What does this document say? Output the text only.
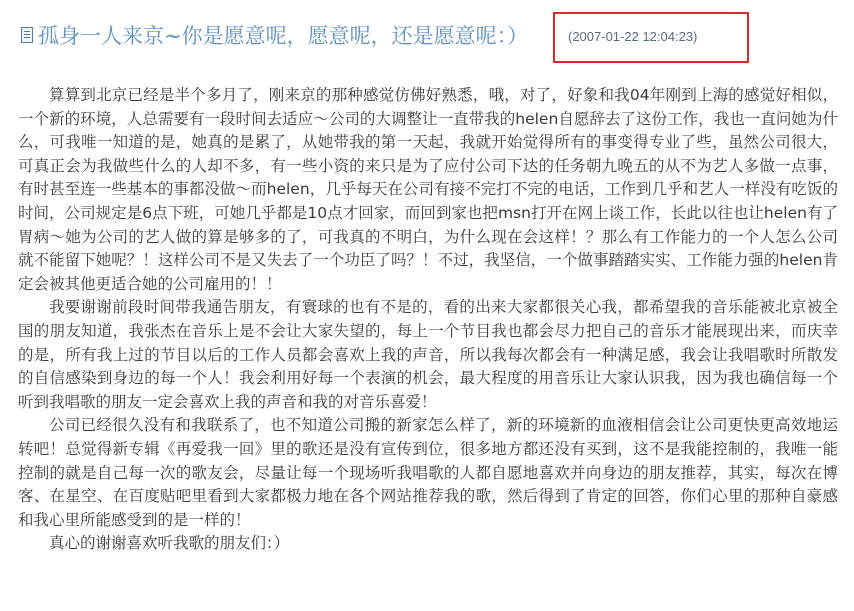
孤身一人来京~你是愿意呢，愿意呢，还是愿意呢：）	(2007-01-22 12:04:23)

算算到北京已经是半个多月了，刚来京的那种感觉仿佛好熟悉，哦，对了，好象和我04年刚到上海的感觉好相似，一个新的环境，人总需要有一段时间去适应～公司的大调整让一直带我的helen自愿辞去了这份工作，我也一直问她为什么，可我唯一知道的是，她真的是累了，从她带我的第一天起，我就开始觉得所有的事变得专业了些，虽然公司很大，可真正会为我做些什么的人却不多，有一些小资的来只是为了应付公司下达的任务朝九晚五的从不为艺人多做一点事，有时甚至连一些基本的事都没做～而helen，几乎每天在公司有接不完打不完的电话，工作到几乎和艺人一样没有吃饭的时间，公司规定是6点下班，可她几乎都是10点才回家，而回到家也把msn打开在网上谈工作，长此以往也让helen有了胃病～她为公司的艺人做的算是够多的了，可我真的不明白，为什么现在会这样！？那么有工作能力的一个人怎么公司就不能留下她呢？！这样公司不是又失去了一个功臣了吗？！不过，我坚信，一个做事踏踏实实、工作能力强的helen肯定会被其他更适合她的公司雇用的！！

我要谢谢前段时间带我通告朋友，有寰球的也有不是的，看的出来大家都很关心我，都希望我的音乐能被北京被全国的朋友知道，我张杰在音乐上是不会让大家失望的，每上一个节目我也都会尽力把自己的音乐才能展现出来，而庆幸的是，所有我上过的节目以后的工作人员都会喜欢上我的声音，所以我每次都会有一种满足感，我会让我唱歌时所散发的自信感染到身边的每一个人！我会利用好每一个表演的机会，最大程度的用音乐让大家认识我，因为我也确信每一个听到我唱歌的朋友一定会喜欢上我的声音和我的对音乐喜爱！

公司已经很久没有和我联系了，也不知道公司搬的新家怎么样了，新的环境新的血液相信会让公司更快更高效地运转吧！总觉得新专辑《再爱我一回》里的歌还是没有宣传到位，很多地方都还没有买到，这不是我能控制的，我唯一能控制的就是自己每一次的歌友会，尽量让每一个现场听我唱歌的人都自愿地喜欢并向身边的朋友推荐，其实，每次在博客、在星空、在百度贴吧里看到大家都极力地在各个网站推荐我的歌，然后得到了肯定的回答，你们心里的那种自豪感和我心里所能感受到的是一样的！

真心的谢谢喜欢听我歌的朋友们：）
